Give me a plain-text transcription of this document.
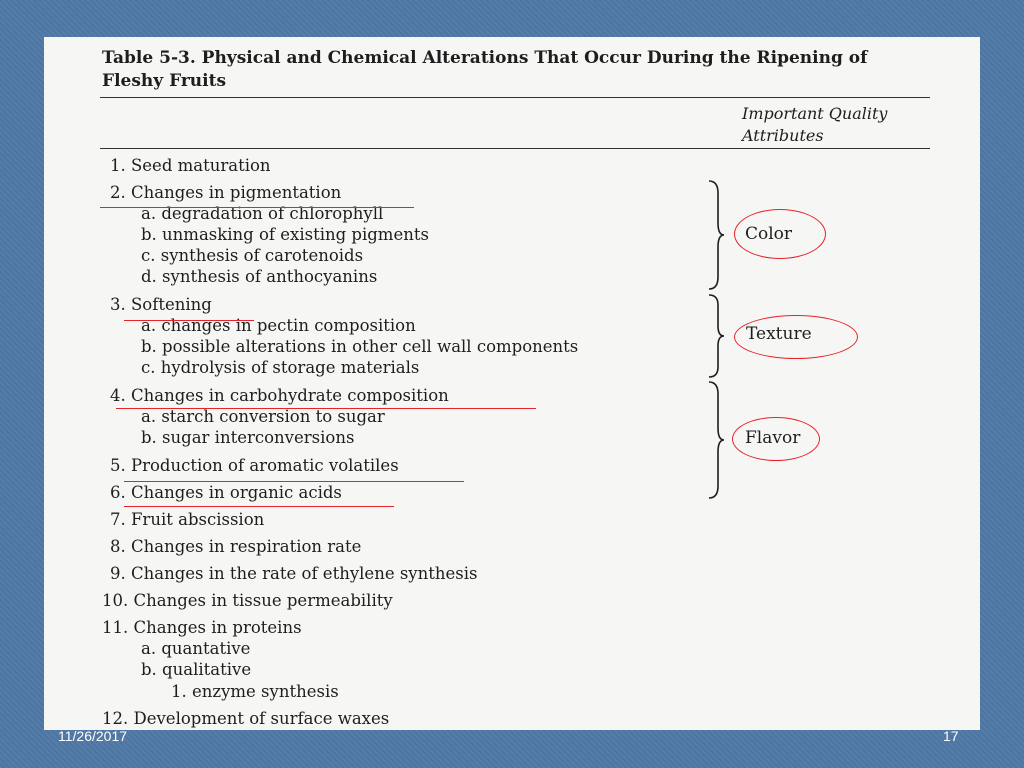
Table 5-3. Physical and Chemical Alterations That Occur During the Ripening of Fleshy Fruits
Important Quality
Attributes
1. Seed maturation
2. Changes in pigmentation
a. degradation of chlorophyll
b. unmasking of existing pigments
c. synthesis of carotenoids
d. synthesis of anthocyanins
3. Softening
a. changes in pectin composition
b. possible alterations in other cell wall components
c. hydrolysis of storage materials
4. Changes in carbohydrate composition
a. starch conversion to sugar
b. sugar interconversions
5. Production of aromatic volatiles
6. Changes in organic acids
7. Fruit abscission
8. Changes in respiration rate
9. Changes in the rate of ethylene synthesis
10. Changes in tissue permeability
11. Changes in proteins
a. quantative
b. qualitative
1. enzyme synthesis
12. Development of surface waxes
Color
Texture
Flavor
11/26/2017	17
